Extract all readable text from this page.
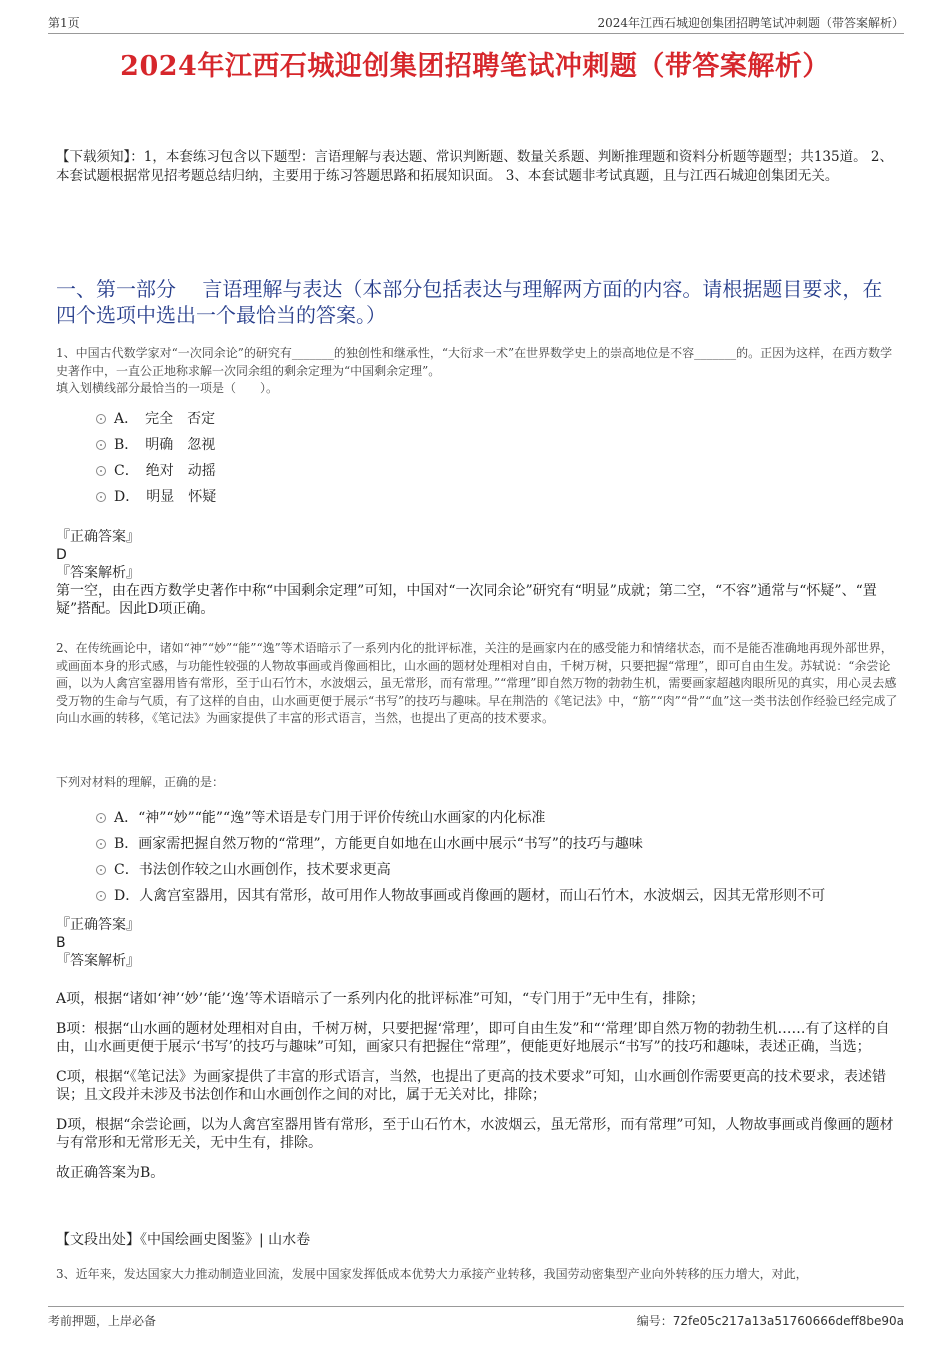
第1页	2024年江西石城迎创集团招聘笔试冲刺题（带答案解析）
2024年江西石城迎创集团招聘笔试冲刺题（带答案解析）
【下载须知】：1，本套练习包含以下题型：言语理解与表达题、常识判断题、数量关系题、判断推理题和资料分析题等题型；共135道。 2、本套试题根据常见招考题总结归纳，主要用于练习答题思路和拓展知识面。 3、本套试题非考试真题，且与江西石城迎创集团无关。
一、第一部分　 言语理解与表达（本部分包括表达与理解两方面的内容。请根据题目要求，在四个选项中选出一个最恰当的答案。）

1、中国古代数学家对“一次同余论”的研究有_______的独创性和继承性，“大衍求一术”在世界数学史上的崇高地位是不容_______的。正因为这样，在西方数学史著作中，一直公正地称求解一次同余组的剩余定理为“中国剩余定理”。

填入划横线部分最恰当的一项是（　　）。

A．　完全　否定
B．　明确　忽视
C．　绝对　动摇
D．　明显　怀疑
『正确答案』
D
『答案解析』
第一空，由在西方数学史著作中称“中国剩余定理”可知，中国对“一次同余论”研究有“明显”成就；第二空，“不容”通常与“怀疑”、“置疑”搭配。因此D项正确。
2、在传统画论中，诸如“神”“妙”“能”“逸”等术语暗示了一系列内化的批评标准，关注的是画家内在的感受能力和情绪状态，而不是能否准确地再现外部世界，或画面本身的形式感，与功能性较强的人物故事画或肖像画相比，山水画的题材处理相对自由，千树万树，只要把握“常理”，即可自由生发。苏轼说：“余尝论画，以为人禽宫室器用皆有常形，至于山石竹木，水波烟云，虽无常形，而有常理。”“常理”即自然万物的勃勃生机，需要画家超越肉眼所见的真实，用心灵去感受万物的生命与气质，有了这样的自由，山水画更便于展示“书写”的技巧与趣味。早在荆浩的《笔记法》中，“筋”“肉”“骨”“血”这一类书法创作经验已经完成了向山水画的转移，《笔记法》为画家提供了丰富的形式语言，当然，也提出了更高的技术要求。
下列对材料的理解，正确的是：
A．“神”“妙”“能”“逸”等术语是专门用于评价传统山水画家的内化标准
B．画家需把握自然万物的“常理”，方能更自如地在山水画中展示“书写”的技巧与趣味
C．书法创作较之山水画创作，技术要求更高
D．人禽宫室器用，因其有常形，故可用作人物故事画或肖像画的题材，而山石竹木，水波烟云，因其无常形则不可
『正确答案』
B
『答案解析』

A项，根据“诸如‘神’‘妙’‘能’‘逸’等术语暗示了一系列内化的批评标准”可知，“专门用于”无中生有，排除；

B项：根据“山水画的题材处理相对自由，千树万树，只要把握‘常理’，即可自由生发”和“‘常理’即自然万物的勃勃生机……有了这样的自由，山水画更便于展示‘书写’的技巧与趣味”可知，画家只有把握住“常理”，便能更好地展示“书写”的技巧和趣味，表述正确，当选；

C项，根据“《笔记法》为画家提供了丰富的形式语言，当然，也提出了更高的技术要求”可知，山水画创作需要更高的技术要求，表述错误；且文段并未涉及书法创作和山水画创作之间的对比，属于无关对比，排除；

D项，根据“余尝论画，以为人禽宫室器用皆有常形，至于山石竹木，水波烟云，虽无常形，而有常理”可知，人物故事画或肖像画的题材与有常形和无常形无关，无中生有，排除。

故正确答案为B。

【文段出处】《中国绘画史图鉴》| 山水卷
3、近年来，发达国家大力推动制造业回流，发展中国家发挥低成本优势大力承接产业转移，我国劳动密集型产业向外转移的压力增大，对此，
考前押题，上岸必备	编号：72fe05c217a13a51760666deff8be90a
